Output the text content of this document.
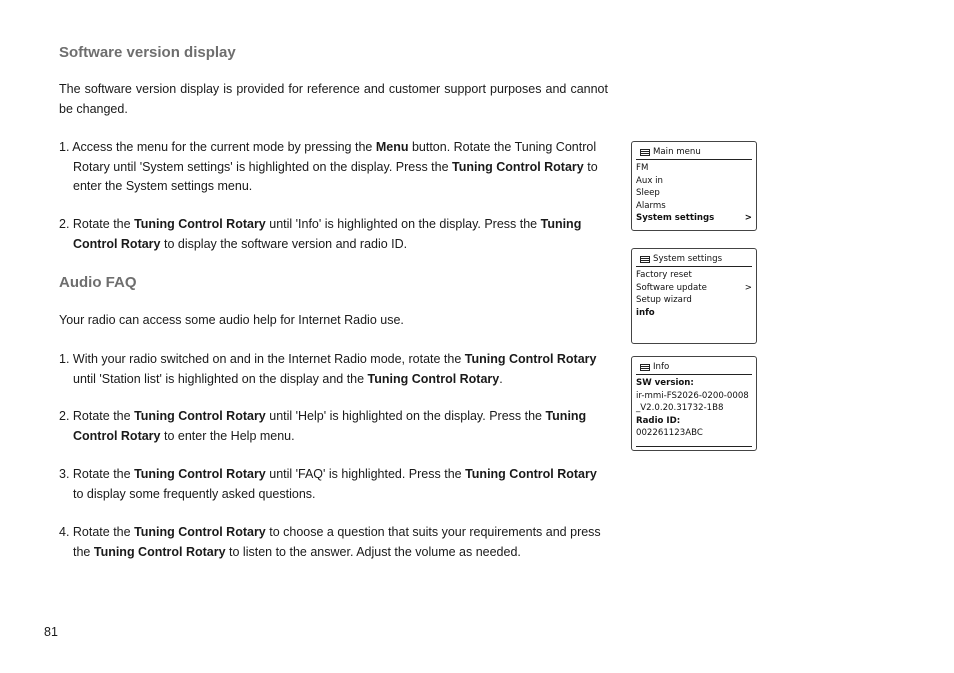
Software version display

The software version display is provided for reference and customer support purposes and cannot be changed.

1. Access the menu for the current mode by pressing the Menu button. Rotate the Tuning Control Rotary until 'System settings' is highlighted on the display. Press the Tuning Control Rotary to enter the System settings menu.

2. Rotate the Tuning Control Rotary until 'Info' is highlighted on the display. Press the Tuning Control Rotary to display the software version and radio ID.

Audio FAQ

Your radio can access some audio help for Internet Radio use.

1. With your radio switched on and in the Internet Radio mode, rotate the Tuning Control Rotary until 'Station list' is highlighted on the display and the Tuning Control Rotary.

2. Rotate the Tuning Control Rotary until 'Help' is highlighted on the display. Press the Tuning Control Rotary to enter the Help menu.

3. Rotate the Tuning Control Rotary until 'FAQ' is highlighted. Press the Tuning Control Rotary to display some frequently asked questions.

4. Rotate the Tuning Control Rotary to choose a question that suits your requirements and press the Tuning Control Rotary to listen to the answer. Adjust the volume as needed.

81
Main menu
FM
Aux in
Sleep
Alarms
System settings	>
System settings
Factory reset
Software update	>
Setup wizard
info
Info
SW version:
ir-mmi-FS2026-0200-0008
_V2.0.20.31732-1B8
Radio ID:
002261123ABC
